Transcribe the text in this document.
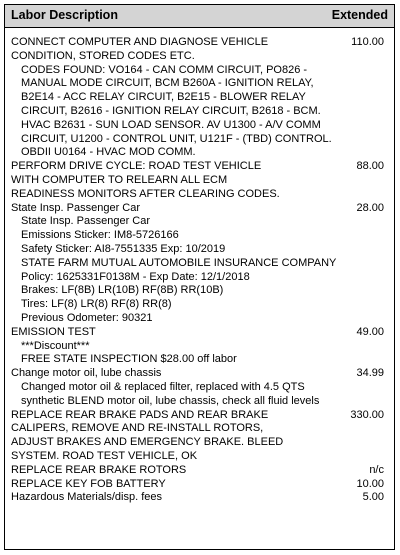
Labor Description	Extended
CONNECT COMPUTER AND DIAGNOSE VEHICLE	110.00
CONDITION, STORED CODES ETC.
CODES FOUND: VO164 - CAN COMM CIRCUIT, PO826 -
MANUAL MODE CIRCUIT, BCM B260A - IGNITION RELAY,
B2E14 - ACC RELAY CIRCUIT, B2E15 - BLOWER RELAY
CIRCUIT, B2616 - IGNITION RELAY CIRCUIT, B2618 - BCM.
HVAC B2631 - SUN LOAD SENSOR. AV U1300 - A/V COMM
CIRCUIT, U1200 - CONTROL UNIT, U121F - (TBD) CONTROL.
OBDII U0164 - HVAC MOD COMM.
PERFORM DRIVE CYCLE: ROAD TEST VEHICLE	88.00
WITH COMPUTER TO RELEARN ALL ECM
READINESS MONITORS AFTER CLEARING CODES.
State Insp. Passenger Car	28.00
State Insp. Passenger Car
Emissions Sticker: IM8-5726166
Safety Sticker: AI8-7551335 Exp: 10/2019
STATE FARM MUTUAL AUTOMOBILE INSURANCE COMPANY
Policy: 1625331F0138M - Exp Date: 12/1/2018
Brakes: LF(8B) LR(10B) RF(8B) RR(10B)
Tires: LF(8) LR(8) RF(8) RR(8)
Previous Odometer: 90321
EMISSION TEST	49.00
***Discount***
FREE STATE INSPECTION $28.00 off labor
Change motor oil, lube chassis	34.99
Changed motor oil & replaced filter, replaced with 4.5 QTS
synthetic BLEND motor oil, lube chassis, check all fluid levels
REPLACE REAR BRAKE PADS AND REAR BRAKE	330.00
CALIPERS, REMOVE AND RE-INSTALL ROTORS,
ADJUST BRAKES AND EMERGENCY BRAKE. BLEED
SYSTEM. ROAD TEST VEHICLE, OK
REPLACE REAR BRAKE ROTORS	n/c
REPLACE KEY FOB BATTERY	10.00
Hazardous Materials/disp. fees	5.00
